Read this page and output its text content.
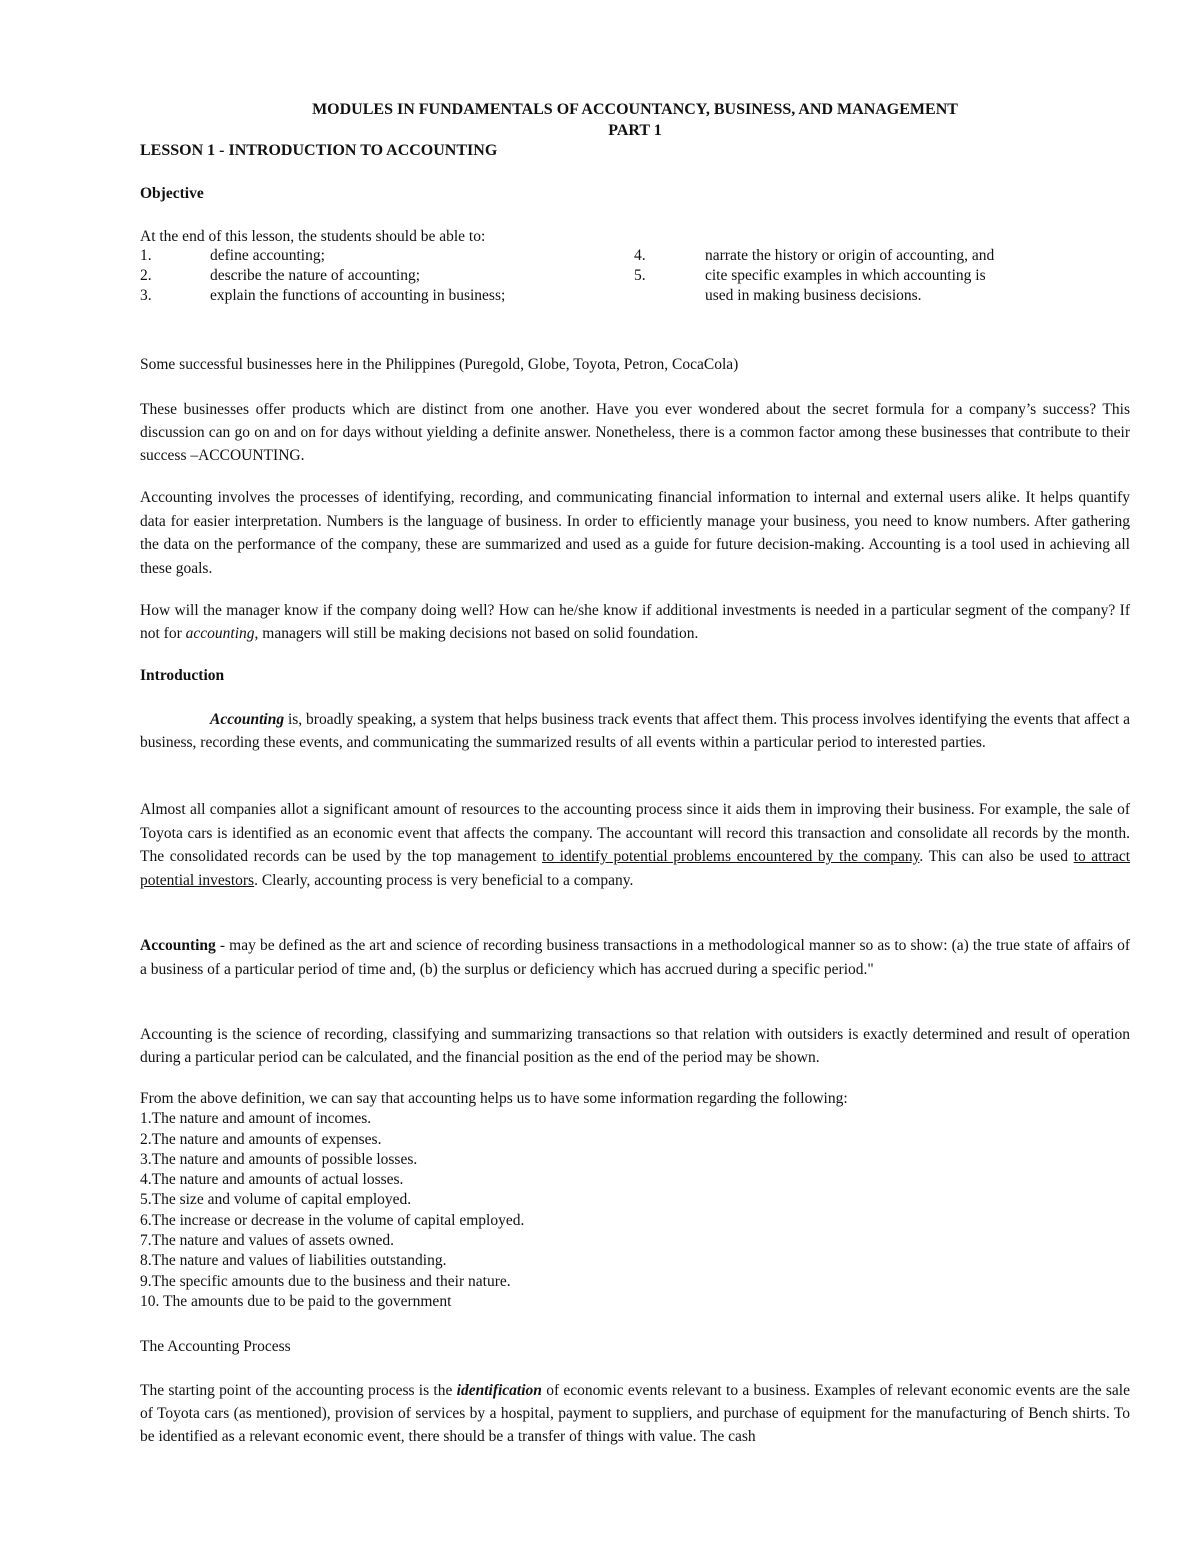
MODULES IN FUNDAMENTALS OF ACCOUNTANCY, BUSINESS, AND MANAGEMENT
PART 1
LESSON 1 - INTRODUCTION TO ACCOUNTING
Objective
At the end of this lesson, the students should be able to:
1.	define accounting;
2.	describe the nature of accounting;
3.	explain the functions of accounting in business;
4.	narrate the history or origin of accounting, and
5.	cite specific examples in which accounting is
used in making business decisions.

Some successful businesses here in the Philippines (Puregold, Globe, Toyota, Petron, CocaCola)

These businesses offer products which are distinct from one another. Have you ever wondered about the secret formula for a company’s success? This discussion can go on and on for days without yielding a definite answer. Nonetheless, there is a common factor among these businesses that contribute to their success –ACCOUNTING.

Accounting involves the processes of identifying, recording, and communicating financial information to internal and external users alike. It helps quantify data for easier interpretation. Numbers is the language of business. In order to efficiently manage your business, you need to know numbers. After gathering the data on the performance of the company, these are summarized and used as a guide for future decision-making. Accounting is a tool used in achieving all these goals.

How will the manager know if the company doing well? How can he/she know if additional investments is needed in a particular segment of the company? If not for accounting, managers will still be making decisions not based on solid foundation.

Introduction

Accounting is, broadly speaking, a system that helps business track events that affect them. This process involves identifying the events that affect a business, recording these events, and communicating the summarized results of all events within a particular period to interested parties.

Almost all companies allot a significant amount of resources to the accounting process since it aids them in improving their business. For example, the sale of Toyota cars is identified as an economic event that affects the company. The accountant will record this transaction and consolidate all records by the month. The consolidated records can be used by the top management to identify potential problems encountered by the company. This can also be used to attract potential investors. Clearly, accounting process is very beneficial to a company.

Accounting - may be defined as the art and science of recording business transactions in a methodological manner so as to show: (a) the true state of affairs of a business of a particular period of time and, (b) the surplus or deficiency which has accrued during a specific period."

Accounting is the science of recording, classifying and summarizing transactions so that relation with outsiders is exactly determined and result of operation during a particular period can be calculated, and the financial position as the end of the period may be shown.

From the above definition, we can say that accounting helps us to have some information regarding the following:
1.The nature and amount of incomes.
2.The nature and amounts of expenses.
3.The nature and amounts of possible losses.
4.The nature and amounts of actual losses.
5.The size and volume of capital employed.
6.The increase or decrease in the volume of capital employed.
7.The nature and values of assets owned.
8.The nature and values of liabilities outstanding.
9.The specific amounts due to the business and their nature.
10. The amounts due to be paid to the government
The Accounting Process

The starting point of the accounting process is the identification of economic events relevant to a business. Examples of relevant economic events are the sale of Toyota cars (as mentioned), provision of services by a hospital, payment to suppliers, and purchase of equipment for the manufacturing of Bench shirts. To be identified as a relevant economic event, there should be a transfer of things with value. The cash
